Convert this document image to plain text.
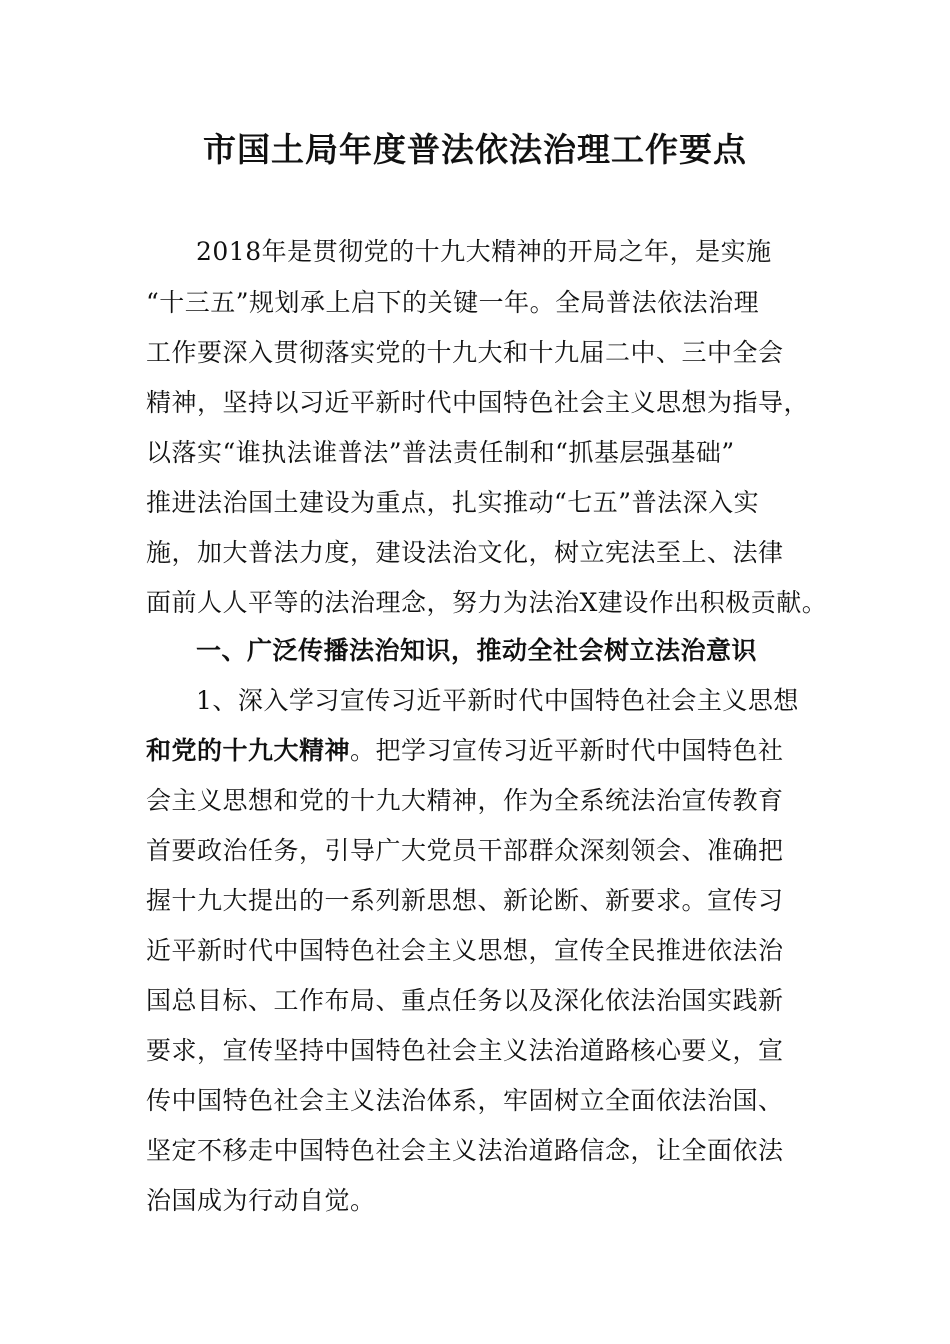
市国土局年度普法依法治理工作要点
2018年是贯彻党的十九大精神的开局之年，是实施
“十三五”规划承上启下的关键一年。全局普法依法治理
工作要深入贯彻落实党的十九大和十九届二中、三中全会
精神，坚持以习近平新时代中国特色社会主义思想为指导，
以落实“谁执法谁普法”普法责任制和“抓基层强基础”
推进法治国土建设为重点，扎实推动“七五”普法深入实
施，加大普法力度，建设法治文化，树立宪法至上、法律
面前人人平等的法治理念，努力为法治X建设作出积极贡献。
一、广泛传播法治知识，推动全社会树立法治意识
1、深入学习宣传习近平新时代中国特色社会主义思想
和党的十九大精神。把学习宣传习近平新时代中国特色社
会主义思想和党的十九大精神，作为全系统法治宣传教育
首要政治任务，引导广大党员干部群众深刻领会、准确把
握十九大提出的一系列新思想、新论断、新要求。宣传习
近平新时代中国特色社会主义思想，宣传全民推进依法治
国总目标、工作布局、重点任务以及深化依法治国实践新
要求，宣传坚持中国特色社会主义法治道路核心要义，宣
传中国特色社会主义法治体系，牢固树立全面依法治国、
坚定不移走中国特色社会主义法治道路信念，让全面依法
治国成为行动自觉。
